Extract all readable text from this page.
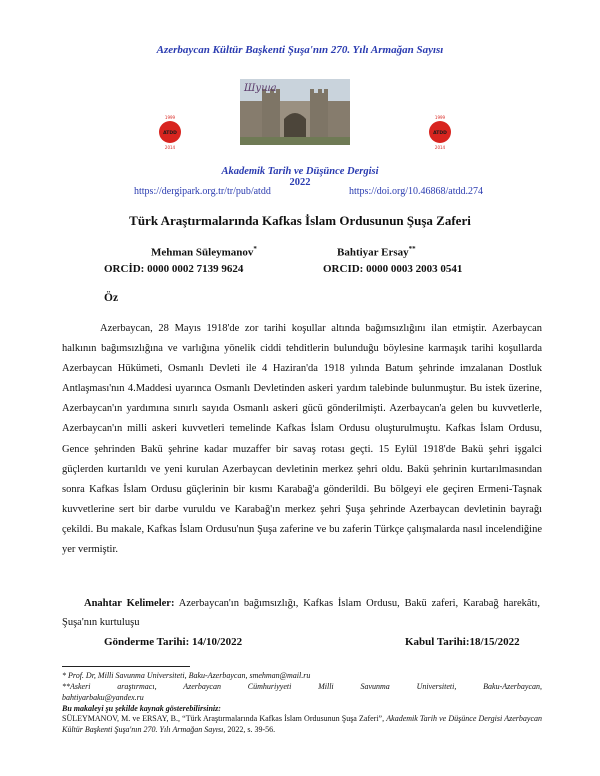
Azerbaycan Kültür Başkenti Şuşa'nın 270. Yılı Armağan Sayısı
Шуша
1999
ATDD
2014
1999
ATDD
2014
Akademik Tarih ve Düşünce Dergisi
2022
https://dergipark.org.tr/tr/pub/atdd	https://doi.org/10.46868/atdd.274
Türk Araştırmalarında Kafkas İslam Ordusunun Şuşa Zaferi
Mehman Süleymanov*
ORCİD: 0000 0002 7139 9624
Bahtiyar Ersay**
ORCID: 0000 0003 2003 0541
Öz

Azerbaycan, 28 Mayıs 1918'de zor tarihi koşullar altında bağımsızlığını ilan etmiştir. Azerbaycan halkının bağımsızlığına ve varlığına yönelik ciddi tehditlerin bulunduğu böylesine karmaşık tarihi koşullarda Azerbaycan Hükümeti, Osmanlı Devleti ile 4 Haziran'da 1918 yılında Batum şehrinde imzalanan Dostluk Antlaşması'nın 4.Maddesi uyarınca Osmanlı Devletinden askeri yardım talebinde bulunmuştur. Bu istek üzerine, Azerbaycan'ın yardımına sınırlı sayıda Osmanlı askeri gücü gönderilmişti. Azerbaycan'a gelen bu kuvvetlerle, Azerbaycan'ın milli askeri kuvvetleri temelinde Kafkas İslam Ordusu oluşturulmuştu. Kafkas İslam Ordusu, Gence şehrinden Bakü şehrine kadar muzaffer bir savaş rotası geçti. 15 Eylül 1918'de Bakü şehri işgalci güçlerden kurtarıldı ve yeni kurulan Azerbaycan devletinin merkez şehri oldu. Bakü şehrinin kurtarılmasından sonra Kafkas İslam Ordusu güçlerinin bir kısmı Karabağ'a gönderildi. Bu bölgeyi ele geçiren Ermeni-Taşnak kuvvetlerine sert bir darbe vuruldu ve Karabağ'ın merkez şehri Şuşa şehrinde Azerbaycan devletinin bayrağı çekildi. Bu makale, Kafkas İslam Ordusu'nun Şuşa zaferine ve bu zaferin Türkçe çalışmalarda nasıl incelendiğine yer vermiştir.

Anahtar Kelimeler: Azerbaycan'ın bağımsızlığı, Kafkas İslam Ordusu, Bakü zaferi, Karabağ harekâtı, Şuşa'nın kurtuluşu

Gönderme Tarihi: 14/10/2022	Kabul Tarihi:18/15/2022
* Prof. Dr, Milli Savunma Universiteti, Baku-Azerbaycan, smehman@mail.ru
**Askeri araştırmacı, Azerbaycan Cümhuriyyeti Milli Savunma Universiteti, Baku-Azerbaycan,
bahtiyarbaku@yandex.ru
Bu makaleyi şu şekilde kaynak gösterebilirsiniz:
SÜLEYMANOV, M. ve ERSAY, B., “Türk Araştırmalarında Kafkas İslam Ordusunun Şuşa Zaferi”, Akademik Tarih ve Düşünce Dergisi Azerbaycan Kültür Başkenti Şuşa'nın 270. Yılı Armağan Sayısı, 2022, s. 39-56.
